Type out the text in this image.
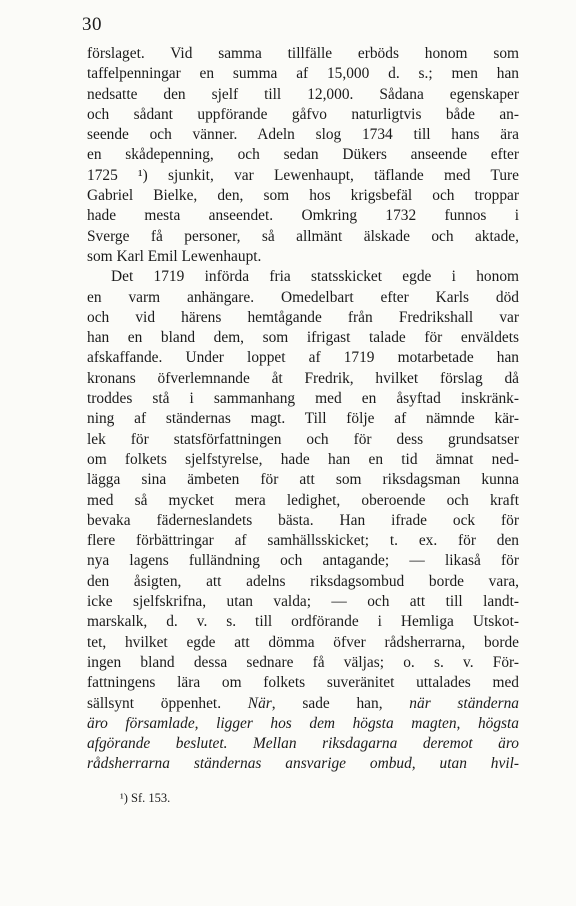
30
förslaget. Vid samma tillfälle erböds honom som
taffelpenningar en summa af 15,000 d. s.; men han
nedsatte den sjelf till 12,000. Sådana egenskaper
och sådant uppförande gåfvo naturligtvis både an-
seende och vänner. Adeln slog 1734 till hans ära
en skådepenning, och sedan Dükers anseende efter
1725 ¹) sjunkit, var Lewenhaupt, täflande med Ture
Gabriel Bielke, den, som hos krigsbefäl och troppar
hade mesta anseendet. Omkring 1732 funnos i
Sverge få personer, så allmänt älskade och aktade,
som Karl Emil Lewenhaupt.
Det 1719 införda fria statsskicket egde i honom
en varm anhängare. Omedelbart efter Karls död
och vid härens hemtågande från Fredrikshall var
han en bland dem, som ifrigast talade för enväldets
afskaffande. Under loppet af 1719 motarbetade han
kronans öfverlemnande åt Fredrik, hvilket förslag då
troddes stå i sammanhang med en åsyftad inskränk-
ning af ständernas magt. Till följe af nämnde kär-
lek för statsförfattningen och för dess grundsatser
om folkets sjelfstyrelse, hade han en tid ämnat ned-
lägga sina ämbeten för att som riksdagsman kunna
med så mycket mera ledighet, oberoende och kraft
bevaka fäderneslandets bästa. Han ifrade ock för
flere förbättringar af samhällsskicket; t. ex. för den
nya lagens fulländning och antagande; — likaså för
den åsigten, att adelns riksdagsombud borde vara,
icke sjelfskrifna, utan valda; — och att till landt-
marskalk, d. v. s. till ordförande i Hemliga Utskot-
tet, hvilket egde att dömma öfver rådsherrarna, borde
ingen bland dessa sednare få väljas; o. s. v. För-
fattningens lära om folkets suveränitet uttalades med
sällsynt öppenhet. När, sade han, när ständerna
äro församlade, ligger hos dem högsta magten, högsta
afgörande beslutet. Mellan riksdagarna deremot äro
rådsherrarna ständernas ansvarige ombud, utan hvil-
¹) Sf. 153.
